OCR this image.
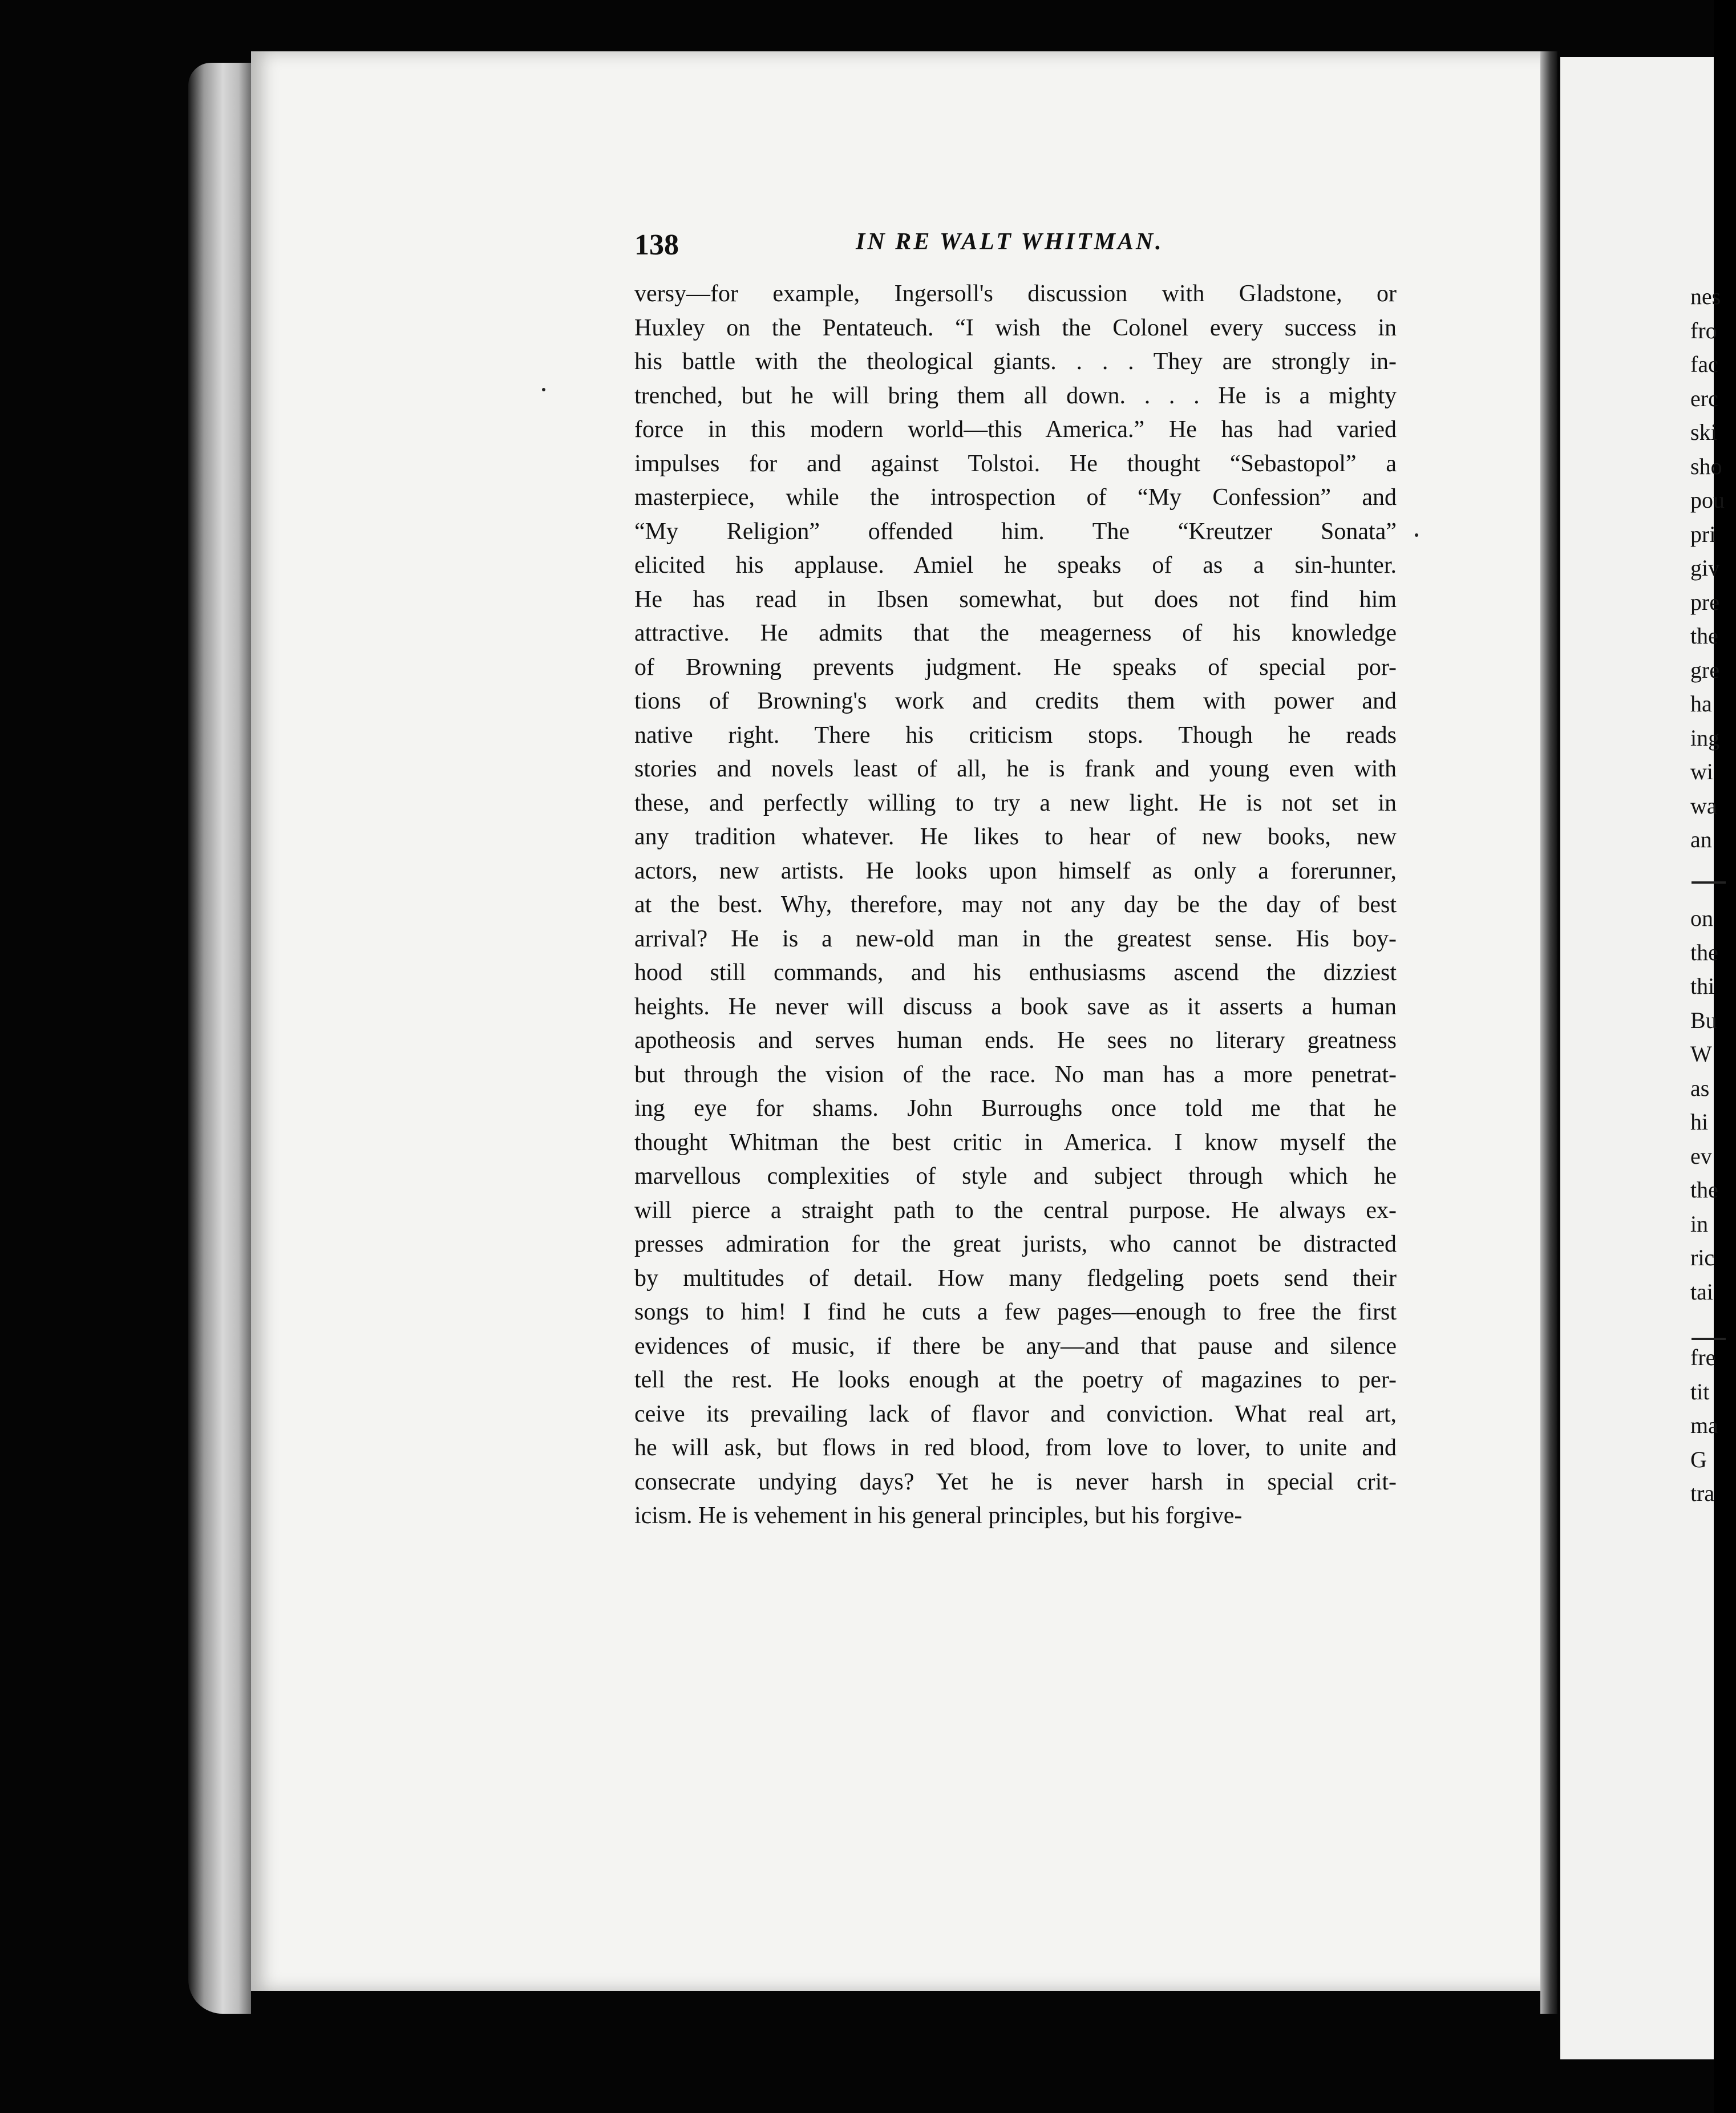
nes
fro
fac
erc
ski
sho
pou
pri
giv
pre
the
gre
ha
ing
wi
wa
an
on
the
thi
Bu
W
as
hi
ev
the
in
ric
tai
fre
tit
ma
G
tra
138	IN RE WALT WHITMAN.
versy—for example, Ingersoll's discussion with Gladstone, or
Huxley on the Pentateuch. “I wish the Colonel every success in
his battle with the theological giants. . . . They are strongly in-
trenched, but he will bring them all down. . . . He is a mighty
force in this modern world—this America.” He has had varied
impulses for and against Tolstoi. He thought “Sebastopol” a
masterpiece, while the introspection of “My Confession” and
“My Religion” offended him. The “Kreutzer Sonata”
elicited his applause. Amiel he speaks of as a sin-hunter.
He has read in Ibsen somewhat, but does not find him
attractive. He admits that the meagerness of his knowledge
of Browning prevents judgment. He speaks of special por-
tions of Browning's work and credits them with power and
native right. There his criticism stops. Though he reads
stories and novels least of all, he is frank and young even with
these, and perfectly willing to try a new light. He is not set in
any tradition whatever. He likes to hear of new books, new
actors, new artists. He looks upon himself as only a forerunner,
at the best. Why, therefore, may not any day be the day of best
arrival? He is a new-old man in the greatest sense. His boy-
hood still commands, and his enthusiasms ascend the dizziest
heights. He never will discuss a book save as it asserts a human
apotheosis and serves human ends. He sees no literary greatness
but through the vision of the race. No man has a more penetrat-
ing eye for shams. John Burroughs once told me that he
thought Whitman the best critic in America. I know myself the
marvellous complexities of style and subject through which he
will pierce a straight path to the central purpose. He always ex-
presses admiration for the great jurists, who cannot be distracted
by multitudes of detail. How many fledgeling poets send their
songs to him! I find he cuts a few pages—enough to free the first
evidences of music, if there be any—and that pause and silence
tell the rest. He looks enough at the poetry of magazines to per-
ceive its prevailing lack of flavor and conviction. What real art,
he will ask, but flows in red blood, from love to lover, to unite and
consecrate undying days? Yet he is never harsh in special crit-
icism. He is vehement in his general principles, but his forgive-
